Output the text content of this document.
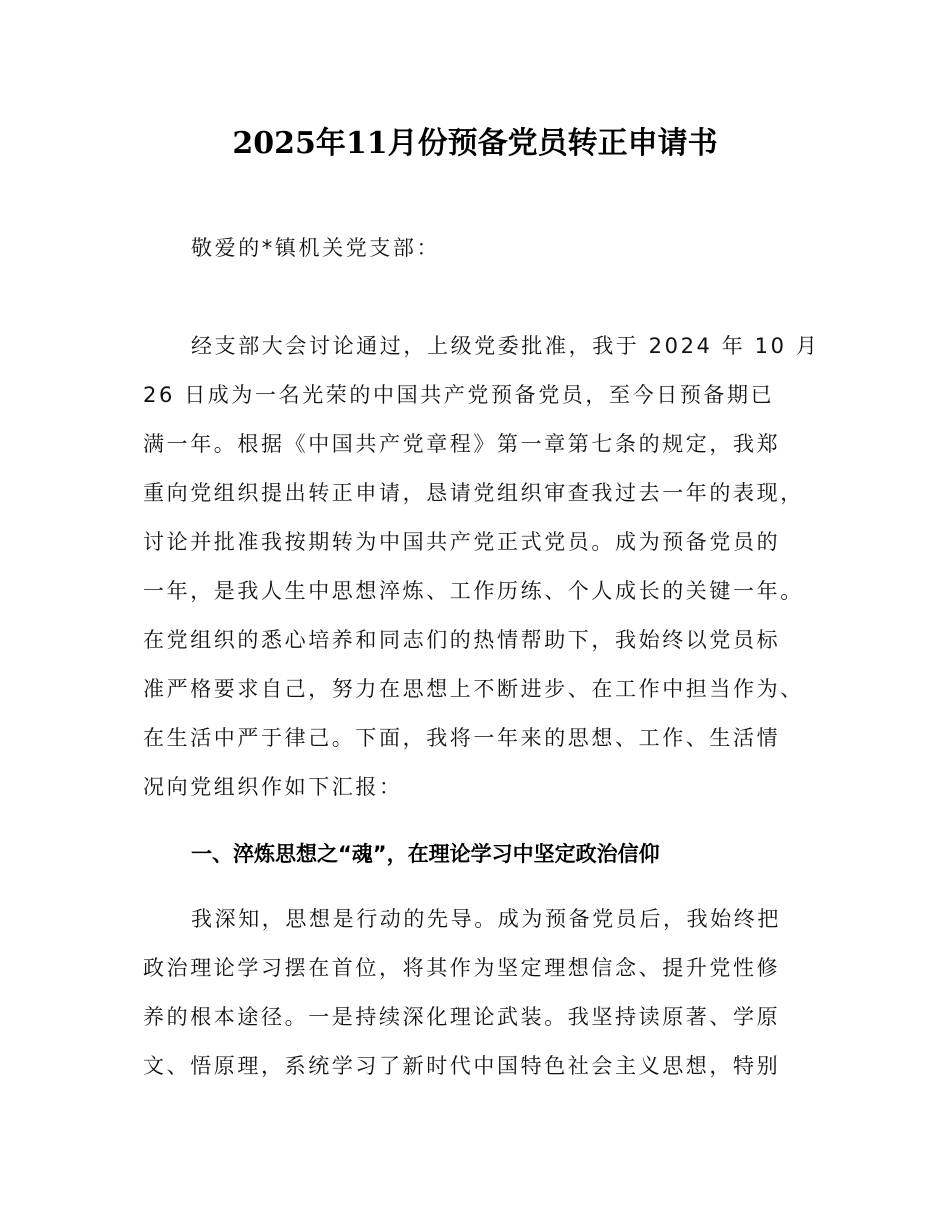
2025年11月份预备党员转正申请书
敬爱的*镇机关党支部：
经支部大会讨论通过，上级党委批准，我于 2024 年 10 月
26 日成为一名光荣的中国共产党预备党员，至今日预备期已
满一年。根据《中国共产党章程》第一章第七条的规定，我郑
重向党组织提出转正申请，恳请党组织审查我过去一年的表现，
讨论并批准我按期转为中国共产党正式党员。成为预备党员的
一年，是我人生中思想淬炼、工作历练、个人成长的关键一年。
在党组织的悉心培养和同志们的热情帮助下，我始终以党员标
准严格要求自己，努力在思想上不断进步、在工作中担当作为、
在生活中严于律己。下面，我将一年来的思想、工作、生活情
况向党组织作如下汇报：
一、淬炼思想之“魂”，在理论学习中坚定政治信仰
我深知，思想是行动的先导。成为预备党员后，我始终把
政治理论学习摆在首位，将其作为坚定理想信念、提升党性修
养的根本途径。一是持续深化理论武装。我坚持读原著、学原
文、悟原理，系统学习了新时代中国特色社会主义思想，特别
